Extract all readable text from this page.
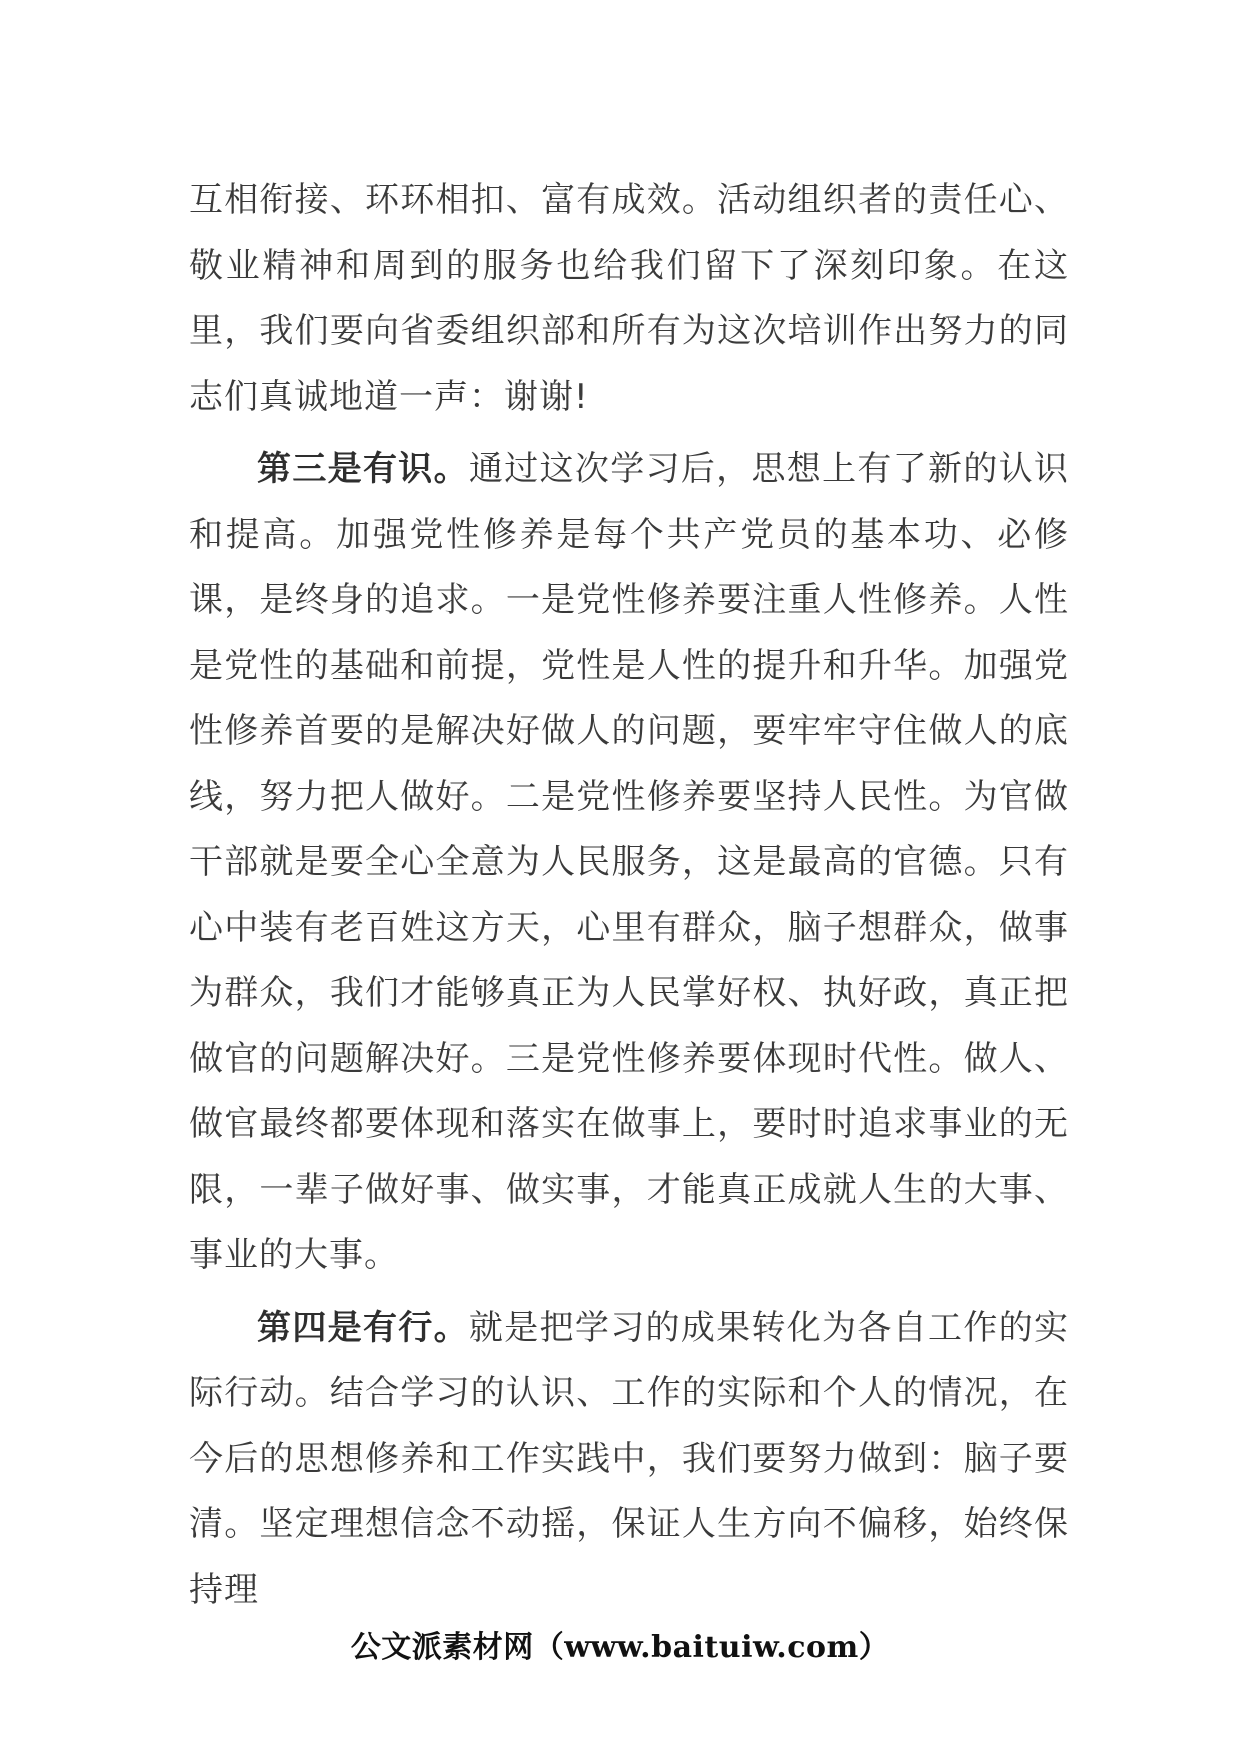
互相衔接、环环相扣、富有成效。活动组织者的责任心、敬业精神和周到的服务也给我们留下了深刻印象。在这里，我们要向省委组织部和所有为这次培训作出努力的同志们真诚地道一声：谢谢!

第三是有识。通过这次学习后，思想上有了新的认识和提高。加强党性修养是每个共产党员的基本功、必修课，是终身的追求。一是党性修养要注重人性修养。人性是党性的基础和前提，党性是人性的提升和升华。加强党性修养首要的是解决好做人的问题，要牢牢守住做人的底线，努力把人做好。二是党性修养要坚持人民性。为官做干部就是要全心全意为人民服务，这是最高的官德。只有心中装有老百姓这方天，心里有群众，脑子想群众，做事为群众，我们才能够真正为人民掌好权、执好政，真正把做官的问题解决好。三是党性修养要体现时代性。做人、做官最终都要体现和落实在做事上，要时时追求事业的无限，一辈子做好事、做实事，才能真正成就人生的大事、事业的大事。

第四是有行。就是把学习的成果转化为各自工作的实际行动。结合学习的认识、工作的实际和个人的情况，在今后的思想修养和工作实践中，我们要努力做到：脑子要清。坚定理想信念不动摇，保证人生方向不偏移，始终保持理

公文派素材网（www.baituiw.com）
